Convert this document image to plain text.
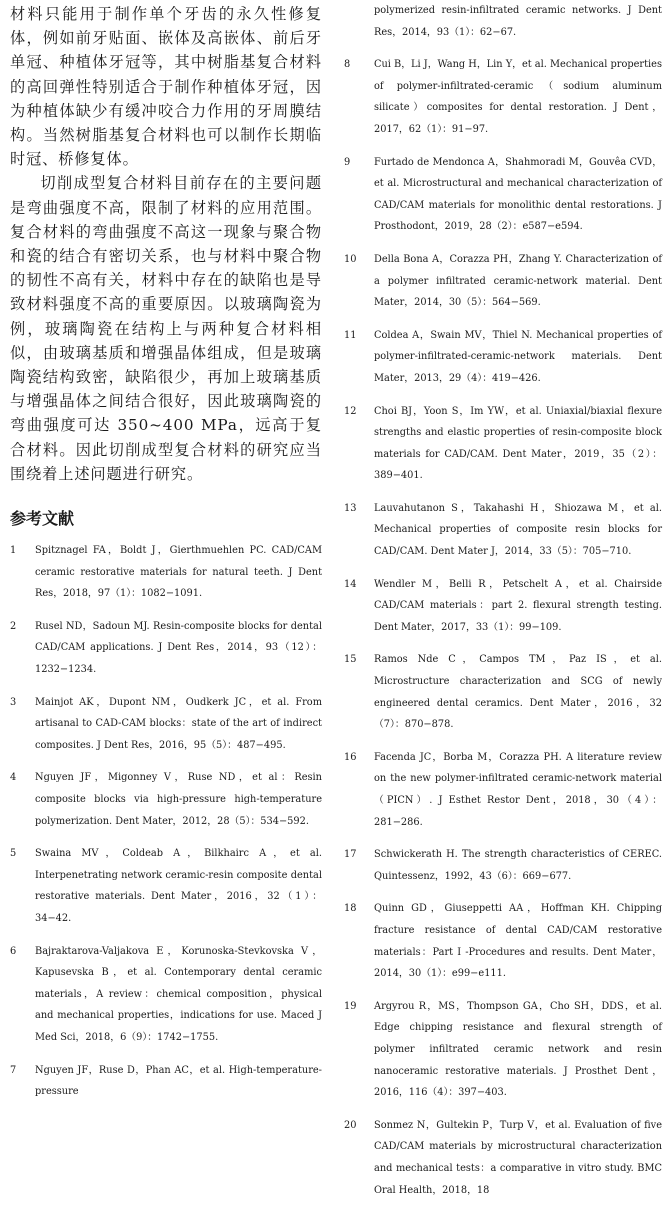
材料只能用于制作单个牙齿的永久性修复体，例如前牙贴面、嵌体及高嵌体、前后牙单冠、种植体牙冠等，其中树脂基复合材料的高回弹性特别适合于制作种植体牙冠，因为种植体缺少有缓冲咬合力作用的牙周膜结构。当然树脂基复合材料也可以制作长期临时冠、桥修复体。

切削成型复合材料目前存在的主要问题是弯曲强度不高，限制了材料的应用范围。复合材料的弯曲强度不高这一现象与聚合物和瓷的结合有密切关系，也与材料中聚合物的韧性不高有关，材料中存在的缺陷也是导致材料强度不高的重要原因。以玻璃陶瓷为例，玻璃陶瓷在结构上与两种复合材料相似，由玻璃基质和增强晶体组成，但是玻璃陶瓷结构致密，缺陷很少，再加上玻璃基质与增强晶体之间结合很好，因此玻璃陶瓷的弯曲强度可达 350~400 MPa，远高于复合材料。因此切削成型复合材料的研究应当围绕着上述问题进行研究。

参考文献
1 Spitznagel FA，Boldt J，Gierthmuehlen PC. CAD/CAM ceramic restorative materials for natural teeth. J Dent Res，2018，97（1）：1082−1091.
2 Rusel ND，Sadoun MJ. Resin-composite blocks for dental CAD/CAM applications. J Dent Res，2014，93（12）：1232−1234.
3 Mainjot AK，Dupont NM，Oudkerk JC，et al. From artisanal to CAD-CAM blocks：state of the art of indirect composites. J Dent Res，2016，95（5）：487−495.
4 Nguyen JF，Migonney V，Ruse ND，et al：Resin composite blocks via high-pressure high-temperature polymerization. Dent Mater，2012，28（5）：534−592.
5 Swaina MV，Coldeab A，Bilkhairc A，et al. Interpenetrating network ceramic-resin composite dental restorative materials. Dent Mater，2016，32（1）：34−42.
6 Bajraktarova-Valjakova E，Korunoska-Stevkovska V，Kapusevska B，et al. Contemporary dental ceramic materials，A review：chemical composition，physical and mechanical properties，indications for use. Maced J Med Sci，2018，6（9）：1742−1755.
7 Nguyen JF，Ruse D，Phan AC，et al. High-temperature-pressure
polymerized resin-infiltrated ceramic networks. J Dent Res，2014，93（1）：62−67.
8 Cui B，Li J，Wang H，Lin Y，et al. Mechanical properties of polymer-infiltrated-ceramic（sodium aluminum silicate）composites for dental restoration. J Dent，2017，62（1）：91−97.
9 Furtado de Mendonca A，Shahmoradi M，Gouvêa CVD，et al. Microstructural and mechanical characterization of CAD/CAM materials for monolithic dental restorations. J Prosthodont，2019，28（2）：e587−e594.
10 Della Bona A，Corazza PH，Zhang Y. Characterization of a polymer infiltrated ceramic-network material. Dent Mater，2014，30（5）：564−569.
11 Coldea A，Swain MV，Thiel N. Mechanical properties of polymer-infiltrated-ceramic-network materials. Dent Mater，2013，29（4）：419−426.
12 Choi BJ，Yoon S，Im YW，et al. Uniaxial/biaxial flexure strengths and elastic properties of resin-composite block materials for CAD/CAM. Dent Mater，2019，35（2）：389−401.
13 Lauvahutanon S，Takahashi H，Shiozawa M，et al. Mechanical properties of composite resin blocks for CAD/CAM. Dent Mater J，2014，33（5）：705−710.
14 Wendler M，Belli R，Petschelt A，et al. Chairside CAD/CAM materials：part 2. flexural strength testing. Dent Mater，2017，33（1）：99−109.
15 Ramos Nde C，Campos TM，Paz IS，et al. Microstructure characterization and SCG of newly engineered dental ceramics. Dent Mater，2016，32（7）：870−878.
16 Facenda JC，Borba M，Corazza PH. A literature review on the new polymer-infiltrated ceramic-network material（PICN）. J Esthet Restor Dent，2018，30（4）：281−286.
17 Schwickerath H. The strength characteristics of CEREC. Quintessenz，1992，43（6）：669−677.
18 Quinn GD，Giuseppetti AA，Hoffman KH. Chipping fracture resistance of dental CAD/CAM restorative materials：Part I -Procedures and results. Dent Mater，2014，30（1）：e99−e111.
19 Argyrou R，MS，Thompson GA，Cho SH，DDS，et al. Edge chipping resistance and flexural strength of polymer infiltrated ceramic network and resin nanoceramic restorative materials. J Prosthet Dent，2016，116（4）：397−403.
20 Sonmez N，Gultekin P，Turp V，et al. Evaluation of five CAD/CAM materials by microstructural characterization and mechanical tests：a comparative in vitro study. BMC Oral Health，2018，18
